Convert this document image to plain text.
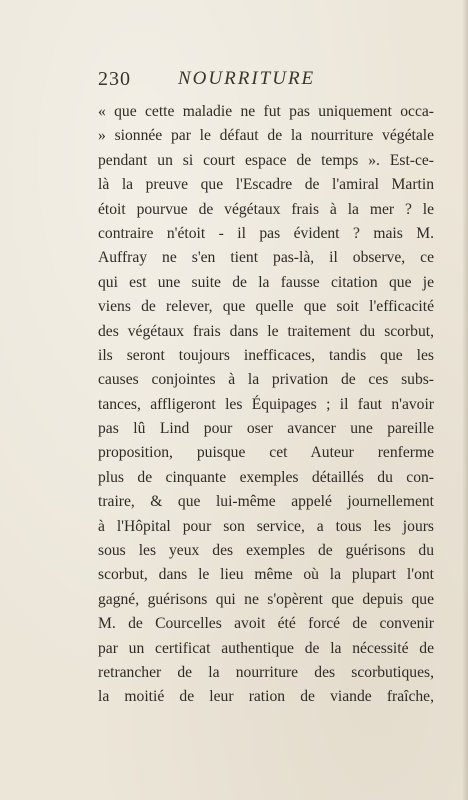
230 NOURRITURE
« que cette maladie ne fut pas uniquement occa-
» sionnée par le défaut de la nourriture végétale
pendant un si court espace de temps ». Est-ce-
là la preuve que l'Escadre de l'amiral Martin
étoit pourvue de végétaux frais à la mer ? le
contraire n'étoit - il pas évident ? mais M.
Auffray ne s'en tient pas-là, il observe, ce
qui est une suite de la fausse citation que je
viens de relever, que quelle que soit l'efficacité
des végétaux frais dans le traitement du scorbut,
ils seront toujours inefficaces, tandis que les
causes conjointes à la privation de ces subs-
tances, affligeront les Équipages ; il faut n'avoir
pas lû Lind pour oser avancer une pareille
proposition, puisque cet Auteur renferme
plus de cinquante exemples détaillés du con-
traire, & que lui-même appelé journellement
à l'Hôpital pour son service, a tous les jours
sous les yeux des exemples de guérisons du
scorbut, dans le lieu même où la plupart l'ont
gagné, guérisons qui ne s'opèrent que depuis que
M. de Courcelles avoit été forcé de convenir
par un certificat authentique de la nécessité de
retrancher de la nourriture des scorbutiques,
la moitié de leur ration de viande fraîche,
